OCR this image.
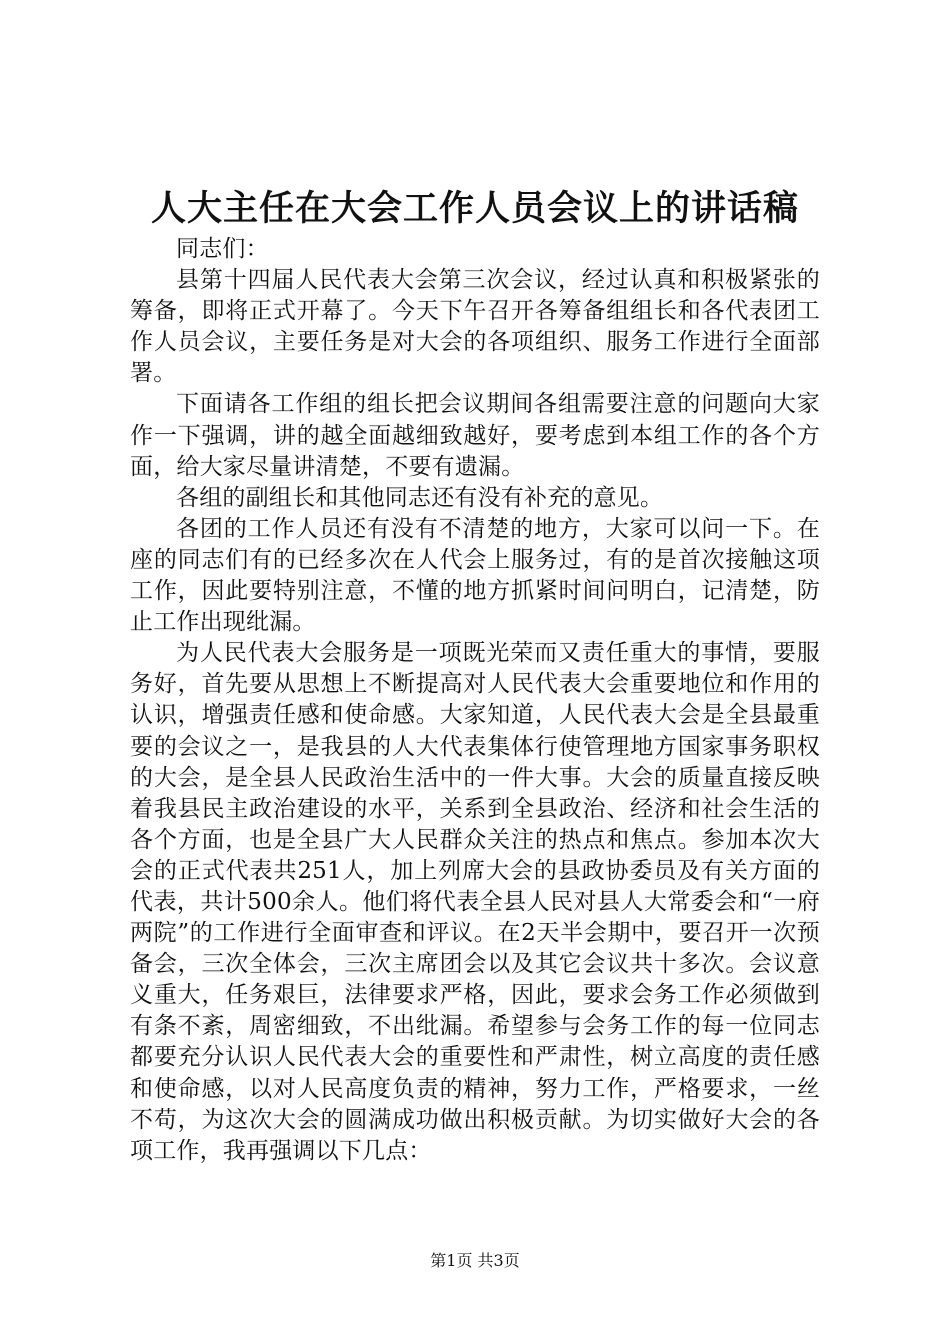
人大主任在大会工作人员会议上的讲话稿

同志们：

县第十四届人民代表大会第三次会议，经过认真和积极紧张的筹备，即将正式开幕了。今天下午召开各筹备组组长和各代表团工作人员会议，主要任务是对大会的各项组织、服务工作进行全面部署。

下面请各工作组的组长把会议期间各组需要注意的问题向大家作一下强调，讲的越全面越细致越好，要考虑到本组工作的各个方面，给大家尽量讲清楚，不要有遗漏。

各组的副组长和其他同志还有没有补充的意见。

各团的工作人员还有没有不清楚的地方，大家可以问一下。在座的同志们有的已经多次在人代会上服务过，有的是首次接触这项工作，因此要特别注意，不懂的地方抓紧时间问明白，记清楚，防止工作出现纰漏。

为人民代表大会服务是一项既光荣而又责任重大的事情，要服务好，首先要从思想上不断提高对人民代表大会重要地位和作用的认识，增强责任感和使命感。大家知道，人民代表大会是全县最重要的会议之一，是我县的人大代表集体行使管理地方国家事务职权的大会，是全县人民政治生活中的一件大事。大会的质量直接反映着我县民主政治建设的水平，关系到全县政治、经济和社会生活的各个方面，也是全县广大人民群众关注的热点和焦点。参加本次大会的正式代表共251人，加上列席大会的县政协委员及有关方面的代表，共计500余人。他们将代表全县人民对县人大常委会和“一府两院”的工作进行全面审查和评议。在2天半会期中，要召开一次预备会，三次全体会，三次主席团会以及其它会议共十多次。会议意义重大，任务艰巨，法律要求严格，因此，要求会务工作必须做到有条不紊，周密细致，不出纰漏。希望参与会务工作的每一位同志都要充分认识人民代表大会的重要性和严肃性，树立高度的责任感和使命感，以对人民高度负责的精神，努力工作，严格要求，一丝不苟，为这次大会的圆满成功做出积极贡献。为切实做好大会的各项工作，我再强调以下几点：

第1页 共3页
